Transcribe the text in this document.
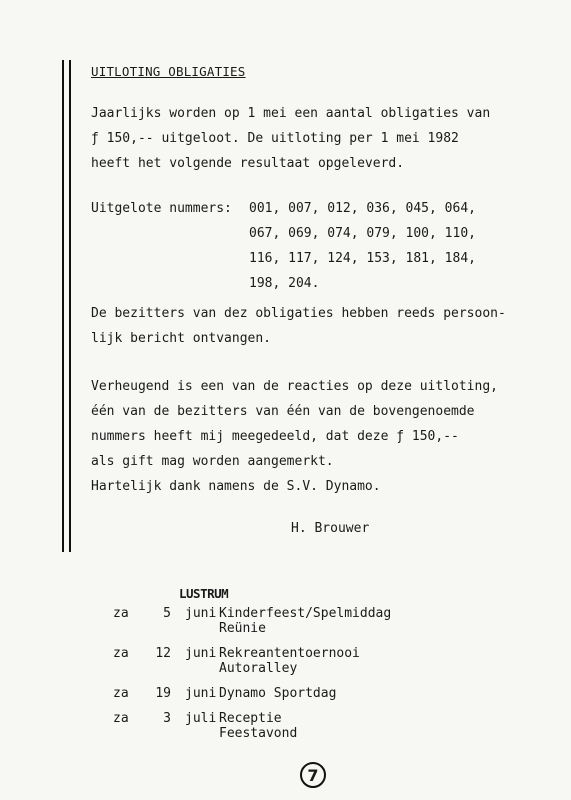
UITLOTING OBLIGATIES
Jaarlijks worden op 1 mei een aantal obligaties van
ƒ 150,-- uitgeloot. De uitloting per 1 mei 1982
heeft het volgende resultaat opgeleverd.
Uitgelote nummers:	001, 007, 012, 036, 045, 064,
067, 069, 074, 079, 100, 110,
116, 117, 124, 153, 181, 184,
198, 204.
De bezitters van dez obligaties hebben reeds persoon-
lijk bericht ontvangen.
Verheugend is een van de reacties op deze uitloting,
één van de bezitters van één van de bovengenoemde
nummers heeft mij meegedeeld, dat deze ƒ 150,--
als gift mag worden aangemerkt.
Hartelijk dank namens de S.V. Dynamo.
H. Brouwer
LUSTRUM
za	5 juni Kinderfeest/Spelmiddag
Reünie
za	12 juni Rekreantentoernooi
Autoralley
za	19 juni Dynamo Sportdag
za	3 juli Receptie
Feestavond
7
